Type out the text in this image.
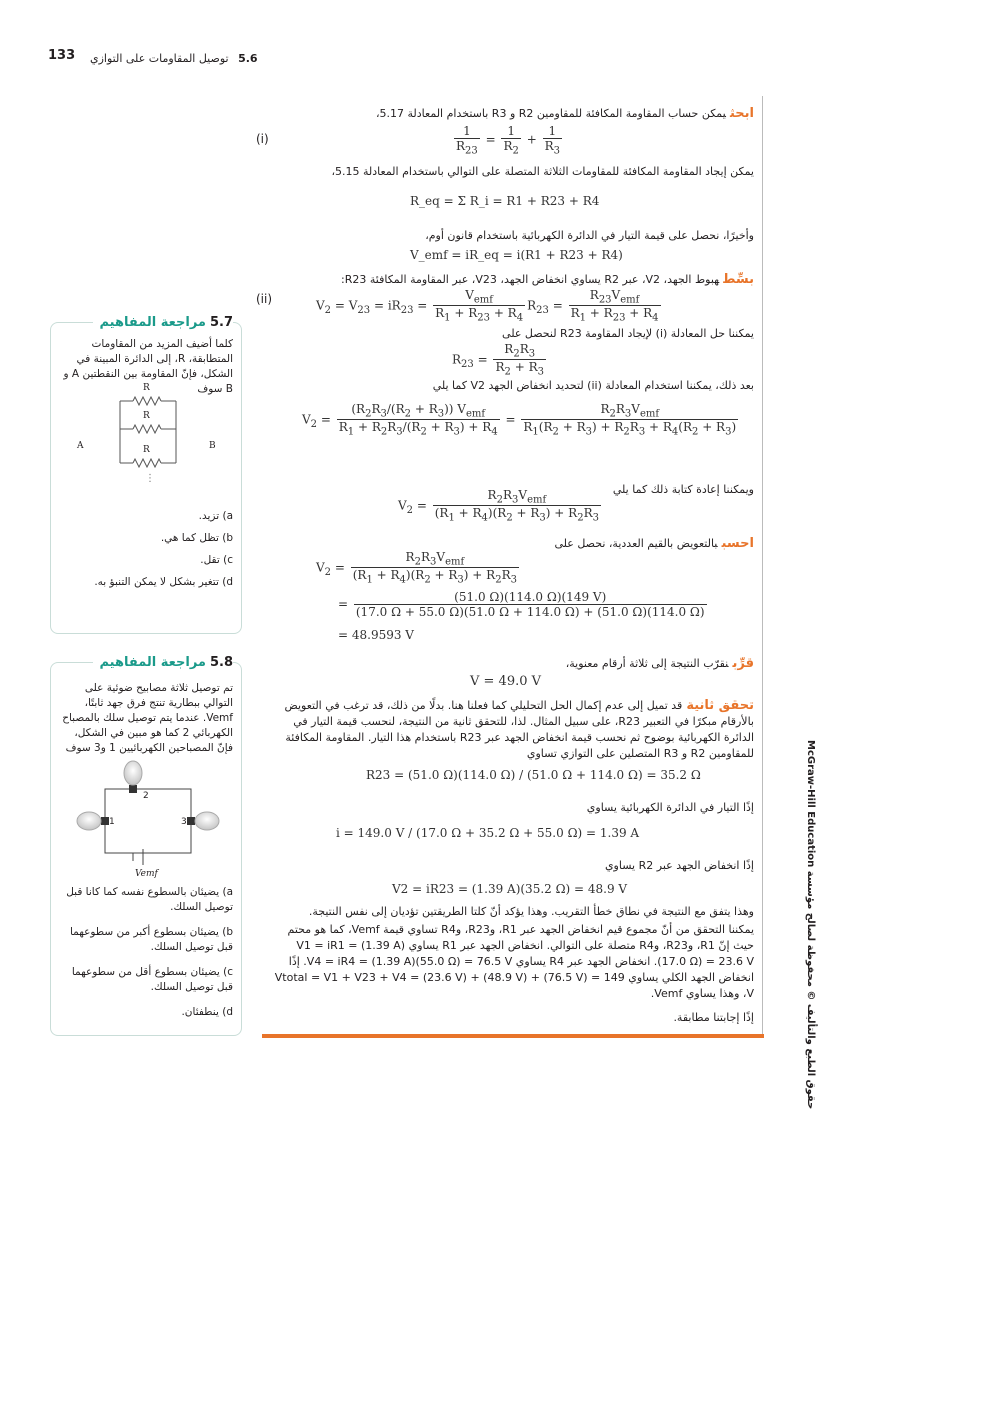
133	5.6 توصيل المقاومات على التوازي
ابحثيمكن حساب المقاومة المكافئة للمقاومين R2 و R3 باستخدام المعادلة 5.17،
$\frac{1}{R_{23}} = \frac{1}{R_2} + \frac{1}{R_3}$
(i)
يمكن إيجاد المقاومة المكافئة للمقاومات الثلاثة المتصلة على التوالي باستخدام المعادلة 5.15،
R_eq = Σ R_i = R1 + R23 + R4
وأخيرًا، نحصل على قيمة التيار في الدائرة الكهربائية باستخدام قانون أوم،
V_emf = iR_eq = i(R1 + R23 + R4)
بسِّطهبوط الجهد، V2، عبر R2 يساوي انخفاض الجهد، V23، عبر المقاومة المكافئة R23:
$V_2 = V_{23} = iR_{23} = \frac{V_{emf}}{R_1 + R_{23} + R_4} R_{23} = \frac{R_{23}V_{emf}}{R_1 + R_{23} + R_4}$
(ii)
يمكننا حل المعادلة (i) لإيجاد المقاومة R23 لنحصل على
$R_{23} = \frac{R_2R_3}{R_2 + R_3}$
بعد ذلك، يمكننا استخدام المعادلة (ii) لتحديد انخفاض الجهد V2 كما يلي
$V_2 = \frac{(R_2R_3/(R_2 + R_3)) V_{emf}}{R_1 + R_2R_3/(R_2 + R_3) + R_4} = \frac{R_2R_3V_{emf}}{R_1(R_2 + R_3) + R_2R_3 + R_4(R_2 + R_3)}$
ويمكننا إعادة كتابة ذلك كما يلي
$V_2 = \frac{R_2R_3V_{emf}}{(R_1 + R_4)(R_2 + R_3) + R_2R_3}$
احسببالتعويض بالقيم العددية، نحصل على
$V_2 = \frac{R_2R_3V_{emf}}{(R_1 + R_4)(R_2 + R_3) + R_2R_3}$
= $\frac{(51.0 \Omega)(114.0 \Omega)(149 V)}{(17.0 \Omega + 55.0 \Omega)(51.0 \Omega + 114.0 \Omega) + (51.0 \Omega)(114.0 \Omega)}$
= 48.9593 V
قرِّبنقرّب النتيجة إلى ثلاثة أرقام معنوية،
V = 49.0 V
تحقق ثانيةقد تميل إلى عدم إكمال الحل التحليلي كما فعلنا هنا. بدلًا من ذلك، قد ترغب في التعويض بالأرقام مبكرًا في التعبير R23، على سبيل المثال. لذا، للتحقق ثانية من النتيجة، لنحسب قيمة التيار في الدائرة الكهربائية بوضوح ثم نحسب قيمة انخفاض الجهد عبر R23 باستخدام هذا التيار. المقاومة المكافئة للمقاومين R2 و R3 المتصلين على التوازي تساوي
R23 = (51.0 Ω)(114.0 Ω) / (51.0 Ω + 114.0 Ω) = 35.2 Ω
إذًا التيار في الدائرة الكهربائية يساوي
i = 149.0 V / (17.0 Ω + 35.2 Ω + 55.0 Ω) = 1.39 A
إذًا انخفاض الجهد عبر R2 يساوي
V2 = iR23 = (1.39 A)(35.2 Ω) = 48.9 V
وهذا يتفق مع النتيجة في نطاق خطأ التقريب. وهذا يؤكد أنّ كلتا الطريقتين تؤديان إلى نفس النتيجة.
يمكننا التحقق من أنّ مجموع قيم انخفاض الجهد عبر R1، وR23، وR4 تساوي قيمة Vemf، كما هو محتم حيث إنّ R1، وR23، وR4 متصلة على التوالي. انخفاض الجهد عبر R1 يساوي V1 = iR1 = (1.39 A)(17.0 Ω) = 23.6 V. انخفاض الجهد عبر R4 يساوي V4 = iR4 = (1.39 A)(55.0 Ω) = 76.5 V. إذًا انخفاض الجهد الكلي يساوي Vtotal = V1 + V23 + V4 = (23.6 V) + (48.9 V) + (76.5 V) = 149 V، وهذا يساوي Vemf.
إذًا إجابتنا مطابقة.
5.7مراجعة المفاهيم
كلما أضيف المزيد من المقاومات المتطابقة، R، إلى الدائرة المبينة في الشكل، فإنّ المقاومة بين النقطتين A و B سوف
R
R
R
A	B
⋮
a) تزيد.
b) تظل كما هي.
c) تقل.
d) تتغير بشكل لا يمكن التنبؤ به.
5.8مراجعة المفاهيم
تم توصيل ثلاثة مصابيح ضوئية على التوالي ببطارية تنتج فرق جهد ثابتًا، Vemf. عندما يتم توصيل سلك بالمصباح الكهربائي 2 كما هو مبين في الشكل، فإنّ المصباحين الكهربائيين 1 و3 سوف
2
1	3
Vemf
a) يضيئان بالسطوع نفسه كما كانا قبل توصيل السلك.
b) يضيئان بسطوع أكبر من سطوعهما قبل توصيل السلك.
c) يضيئان بسطوع أقل من سطوعهما قبل توصيل السلك.
d) ينطفئان.
حقوق الطبع والتأليف © محفوظة لصالح مؤسسة McGraw-Hill Education
